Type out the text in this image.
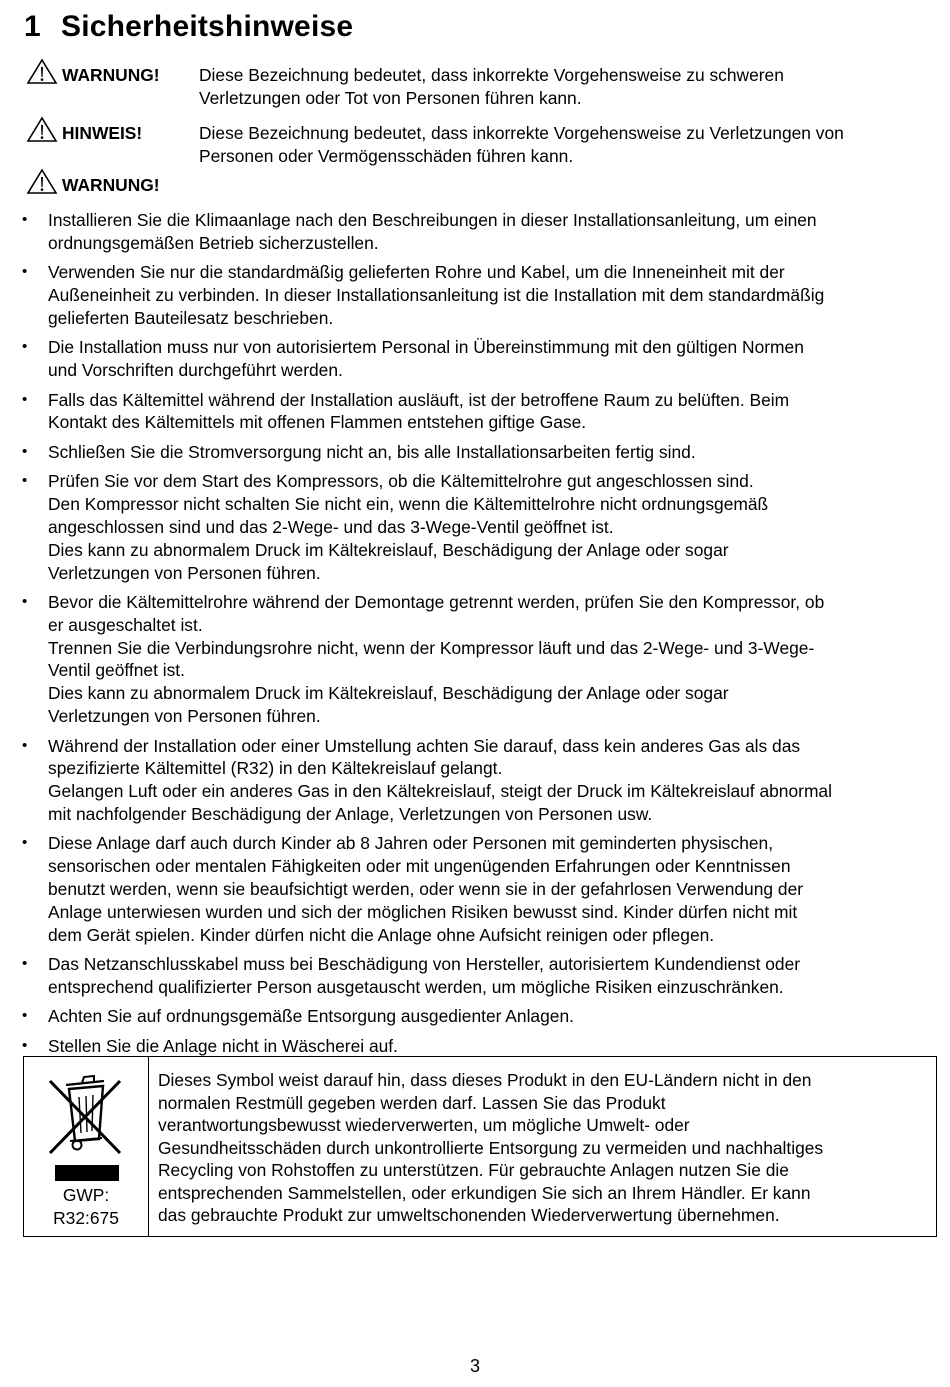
1 Sicherheitshinweise
WARNUNG! Diese Bezeichnung bedeutet, dass inkorrekte Vorgehensweise zu schweren
Verletzungen oder Tot von Personen führen kann.
HINWEIS!	Diese Bezeichnung bedeutet, dass inkorrekte Vorgehensweise zu Verletzungen von
Personen oder Vermögensschäden führen kann.
WARNUNG!
• Installieren Sie die Klimaanlage nach den Beschreibungen in dieser Installationsanleitung, um einen
ordnungsgemäßen Betrieb sicherzustellen.
• Verwenden Sie nur die standardmäßig gelieferten Rohre und Kabel, um die Inneneinheit mit der
Außeneinheit zu verbinden. In dieser Installationsanleitung ist die Installation mit dem standardmäßig
gelieferten Bauteilesatz beschrieben.
• Die Installation muss nur von autorisiertem Personal in Übereinstimmung mit den gültigen Normen
und Vorschriften durchgeführt werden.
• Falls das Kältemittel während der Installation ausläuft, ist der betroffene Raum zu belüften. Beim
Kontakt des Kältemittels mit offenen Flammen entstehen giftige Gase.
• Schließen Sie die Stromversorgung nicht an, bis alle Installationsarbeiten fertig sind.
• Prüfen Sie vor dem Start des Kompressors, ob die Kältemittelrohre gut angeschlossen sind.
Den Kompressor nicht schalten Sie nicht ein, wenn die Kältemittelrohre nicht ordnungsgemäß
angeschlossen sind und das 2-Wege- und das 3-Wege-Ventil geöffnet ist.
Dies kann zu abnormalem Druck im Kältekreislauf, Beschädigung der Anlage oder sogar
Verletzungen von Personen führen.
• Bevor die Kältemittelrohre während der Demontage getrennt werden, prüfen Sie den Kompressor, ob
er ausgeschaltet ist.
Trennen Sie die Verbindungsrohre nicht, wenn der Kompressor läuft und das 2-Wege- und 3-Wege-
Ventil geöffnet ist.
Dies kann zu abnormalem Druck im Kältekreislauf, Beschädigung der Anlage oder sogar
Verletzungen von Personen führen.
• Während der Installation oder einer Umstellung achten Sie darauf, dass kein anderes Gas als das
spezifizierte Kältemittel (R32) in den Kältekreislauf gelangt.
Gelangen Luft oder ein anderes Gas in den Kältekreislauf, steigt der Druck im Kältekreislauf abnormal
mit nachfolgender Beschädigung der Anlage, Verletzungen von Personen usw.
• Diese Anlage darf auch durch Kinder ab 8 Jahren oder Personen mit geminderten physischen,
sensorischen oder mentalen Fähigkeiten oder mit ungenügenden Erfahrungen oder Kenntnissen
benutzt werden, wenn sie beaufsichtigt werden, oder wenn sie in der gefahrlosen Verwendung der
Anlage unterwiesen wurden und sich der möglichen Risiken bewusst sind. Kinder dürfen nicht mit
dem Gerät spielen. Kinder dürfen nicht die Anlage ohne Aufsicht reinigen oder pflegen.
• Das Netzanschlusskabel muss bei Beschädigung von Hersteller, autorisiertem Kundendienst oder
entsprechend qualifizierter Person ausgetauscht werden, um mögliche Risiken einzuschränken.
• Achten Sie auf ordnungsgemäße Entsorgung ausgedienter Anlagen.
• Stellen Sie die Anlage nicht in Wäscherei auf.
GWP:
R32:675
Dieses Symbol weist darauf hin, dass dieses Produkt in den EU-Ländern nicht in den
normalen Restmüll gegeben werden darf. Lassen Sie das Produkt
verantwortungsbewusst wiederverwerten, um mögliche Umwelt- oder
Gesundheitsschäden durch unkontrollierte Entsorgung zu vermeiden und nachhaltiges
Recycling von Rohstoffen zu unterstützen. Für gebrauchte Anlagen nutzen Sie die
entsprechenden Sammelstellen, oder erkundigen Sie sich an Ihrem Händler. Er kann
das gebrauchte Produkt zur umweltschonenden Wiederverwertung übernehmen.
3
